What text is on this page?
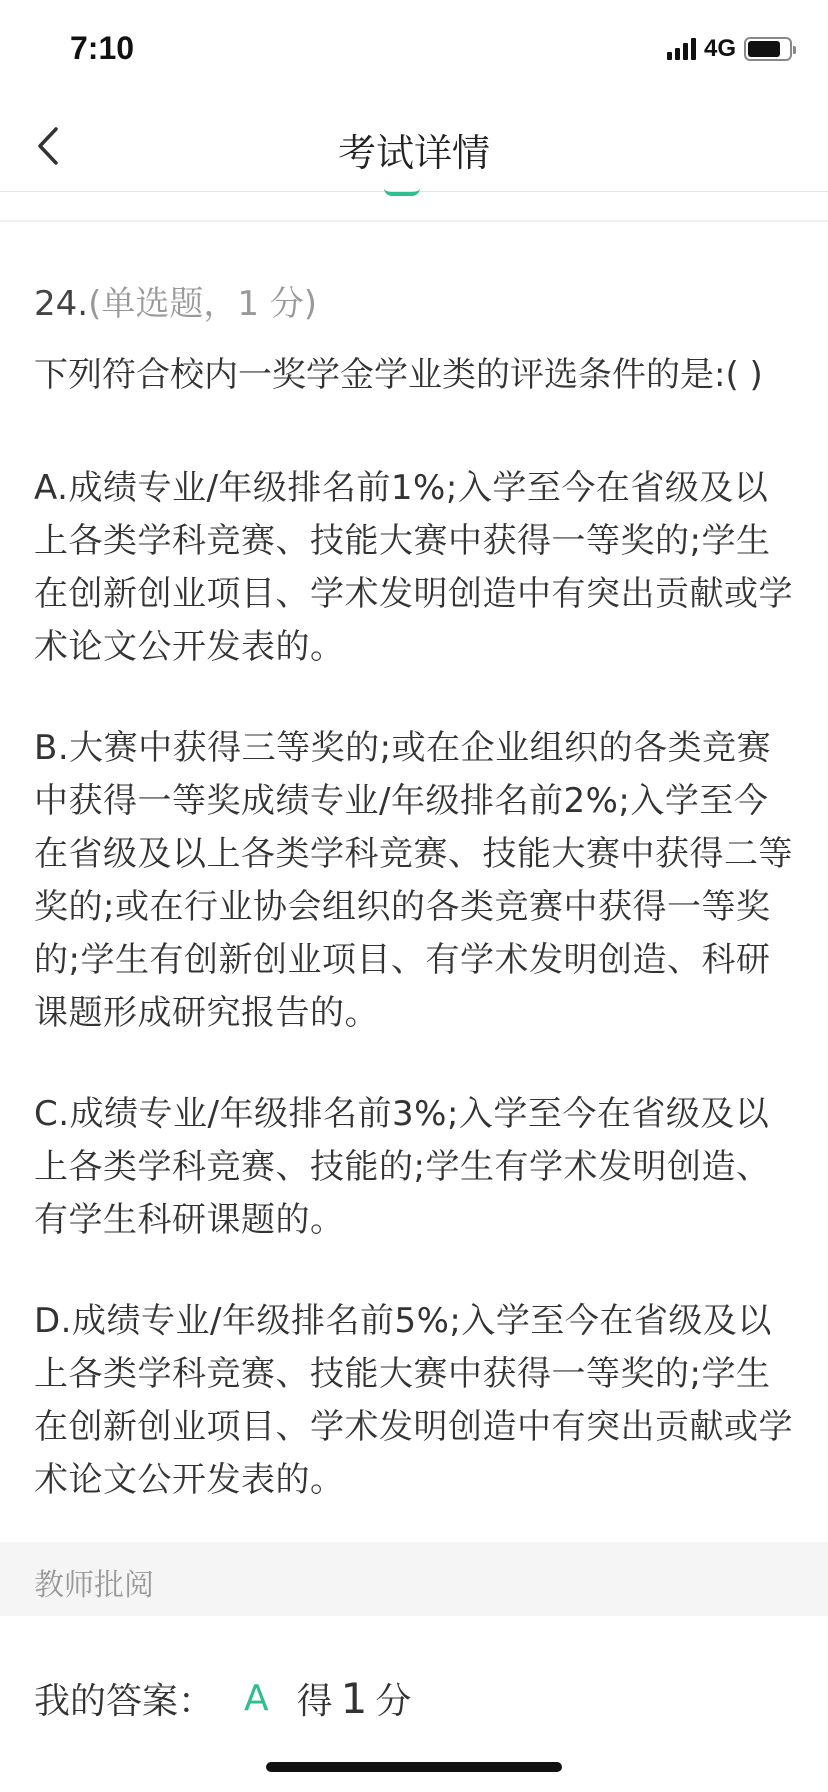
7:10	4G
考试详情
24.(单选题，1 分)
下列符合校内一奖学金学业类的评选条件的是:( )
A.成绩专业/年级排名前1%;入学至今在省级及以上各类学科竞赛、技能大赛中获得一等奖的;学生在创新创业项目、学术发明创造中有突出贡献或学术论文公开发表的。
B.大赛中获得三等奖的;或在企业组织的各类竞赛中获得一等奖成绩专业/年级排名前2%;入学至今在省级及以上各类学科竞赛、技能大赛中获得二等奖的;或在行业协会组织的各类竞赛中获得一等奖的;学生有创新创业项目、有学术发明创造、科研课题形成研究报告的。
C.成绩专业/年级排名前3%;入学至今在省级及以上各类学科竞赛、技能的;学生有学术发明创造、有学生科研课题的。
D.成绩专业/年级排名前5%;入学至今在省级及以上各类学科竞赛、技能大赛中获得一等奖的;学生在创新创业项目、学术发明创造中有突出贡献或学术论文公开发表的。
教师批阅
我的答案： A 得 1 分
